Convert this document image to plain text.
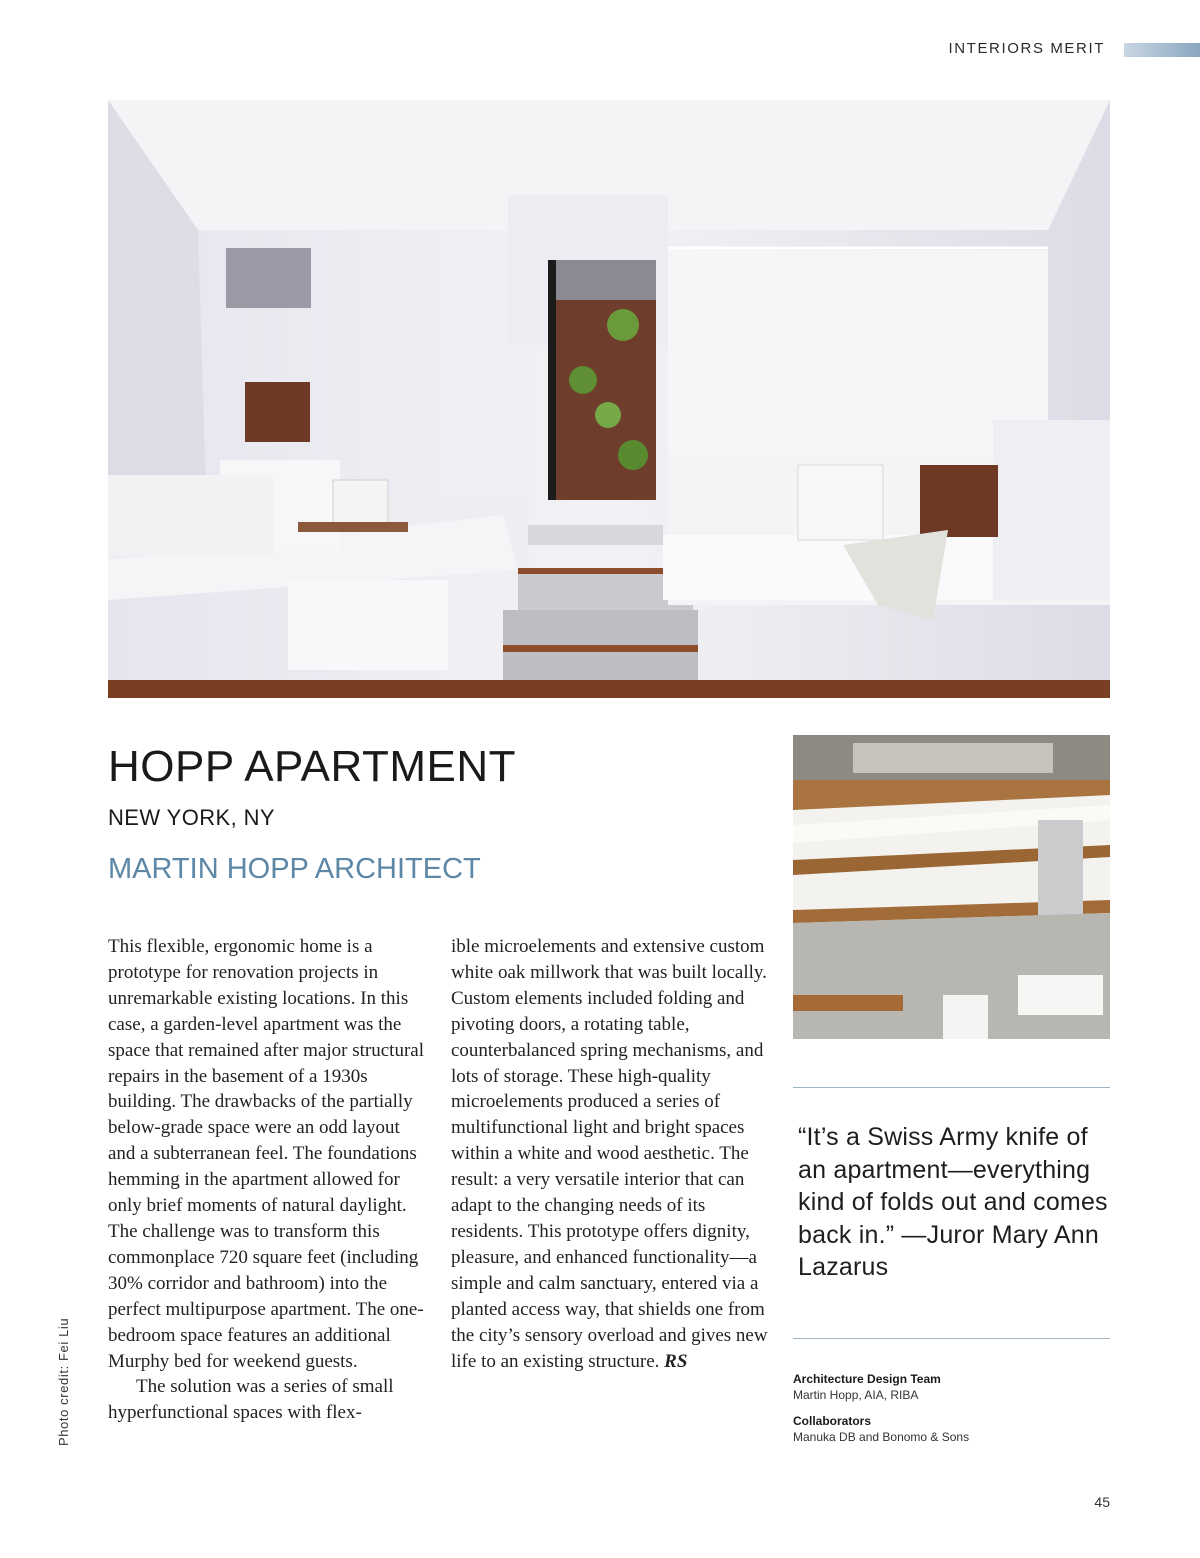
INTERIORS MERIT
HOPP APARTMENT
NEW YORK, NY
MARTIN HOPP ARCHITECT

This flexible, ergonomic home is a prototype for renovation projects in unremarkable existing locations. In this case, a garden-level apartment was the space that remained after major structural repairs in the basement of a 1930s building. The drawbacks of the partially below-grade space were an odd layout and a subterranean feel. The foundations hemming in the apartment allowed for only brief moments of natural daylight. The challenge was to transform this commonplace 720 square feet (including 30% corridor and bathroom) into the perfect multipurpose apartment. The one-bedroom space features an additional Murphy bed for weekend guests.

The solution was a series of small hyperfunctional spaces with flex-

ible microelements and extensive custom white oak millwork that was built locally. Custom elements included folding and pivoting doors, a rotating table, counterbalanced spring mechanisms, and lots of storage. These high-quality microelements produced a series of multifunctional light and bright spaces within a white and wood aesthetic. The result: a very versatile interior that can adapt to the changing needs of its residents. This prototype offers dignity, pleasure, and enhanced functionality—a simple and calm sanctuary, entered via a planted access way, that shields one from the city’s sensory overload and gives new life to an existing structure. RS

“It’s a Swiss Army knife of an apartment—everything kind of folds out and comes back in.” —Juror Mary Ann Lazarus
Architecture Design Team
Martin Hopp, AIA, RIBA
Collaborators
Manuka DB and Bonomo & Sons
Photo credit: Fei Liu
45
